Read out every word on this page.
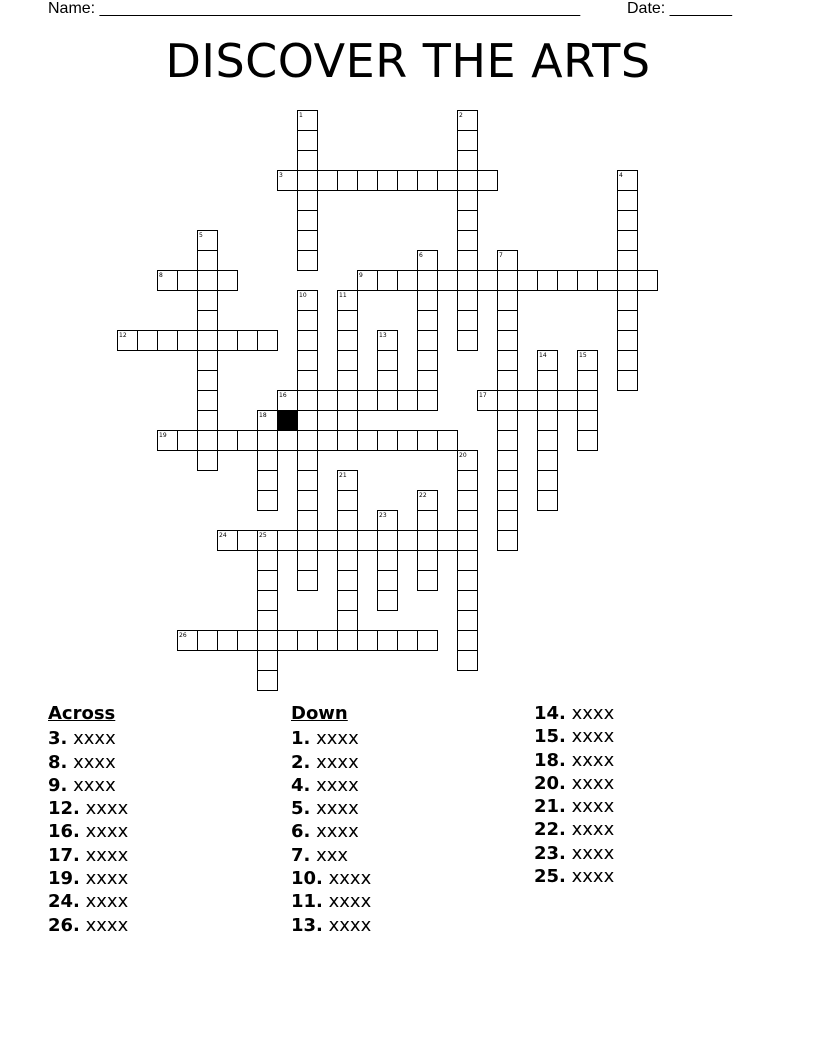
Name: ______________________________________________________	Date: _______
DISCOVER THE ARTS
1	2
3	4
5
6	7
8	9
10	11
12	13
14	15
16	17
18
19
20
21
22
23
24	25
26
Across
3. xxxx
8. xxxx
9. xxxx
12. xxxx
16. xxxx
17. xxxx
19. xxxx
24. xxxx
26. xxxx
Down
1. xxxx
2. xxxx
4. xxxx
5. xxxx
6. xxxx
7. xxx
10. xxxx
11. xxxx
13. xxxx
14. xxxx
15. xxxx
18. xxxx
20. xxxx
21. xxxx
22. xxxx
23. xxxx
25. xxxx
